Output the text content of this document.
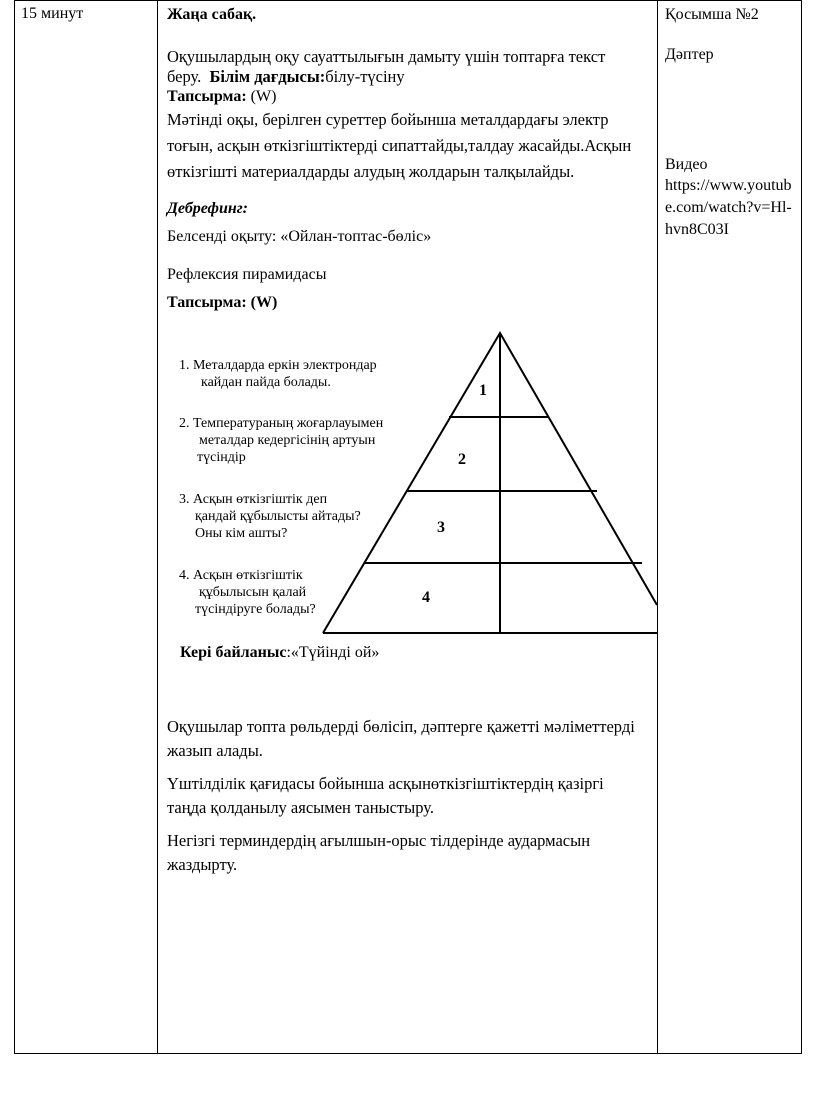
15 минут	Жаңа сабақ.

Оқушылардың оқу сауаттылығын дамыту үшін топтарға текст беру. Білім дағдысы:білу-түсіну

Тапсырма: (W)

Мәтінді оқы, берілген суреттер бойынша металдардағы электр тоғын, асқын өткізгіштіктерді сипаттайды,талдау жасайды.Асқын өткізгішті материалдарды алудың жолдарын талқылайды.

Дебрефинг:

Белсенді оқыту: «Ойлан-топтас-бөліс»

Рефлексия пирамидасы

Тапсырма: (W)

Қосымша №2

Дәптер

Видео

https://www.youtube.com/watch?v=Hl-hvn8C03I

1
2
3
4
1. Металдарда еркін электрондар
кайдан пайда болады.
2. Температураның жоғарлауымен
металдар кедергісінің артуын
түсіндір
3. Асқын өткізгіштік деп
қандай құбылысты айтады?
Оны кім ашты?
4. Асқын өткізгіштік
құбылысын қалай
түсіндіруге болады?

Кері байланыс:«Түйінді ой»

Оқушылар топта рөльдерді бөлісіп, дәптерге қажетті мәліметтерді жазып алады.

Үштілділік қағидасы бойынша асқынөткізгіштіктердің қазіргі таңда қолданылу аясымен таныстыру.

Негізгі терминдердің ағылшын-орыс тілдерінде аудармасын жаздырту.
